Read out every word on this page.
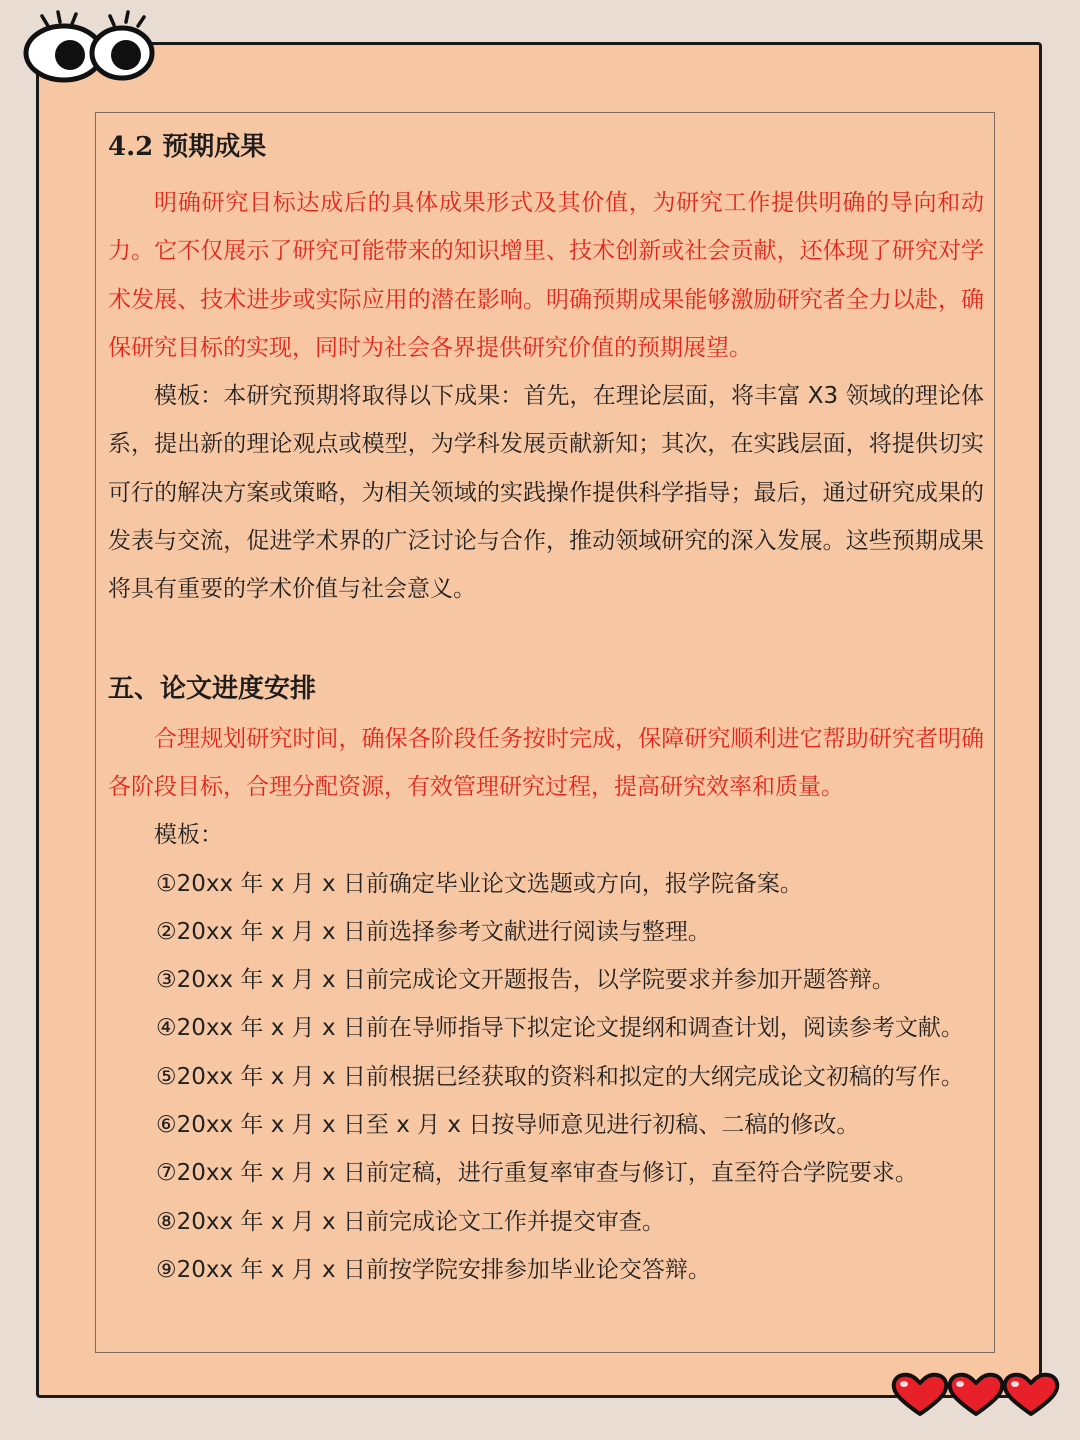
4.2 预期成果

明确研究目标达成后的具体成果形式及其价值，为研究工作提供明确的导向和动力。它不仅展示了研究可能带来的知识增里、技术创新或社会贡献，还体现了研究对学术发展、技术进步或实际应用的潜在影响。明确预期成果能够激励研究者全力以赴，确保研究目标的实现，同时为社会各界提供研究价值的预期展望。

模板：本研究预期将取得以下成果：首先，在理论层面，将丰富 X3 领域的理论体系，提出新的理论观点或模型，为学科发展贡献新知；其次，在实践层面，将提供切实可行的解决方案或策略，为相关领域的实践操作提供科学指导；最后，通过研究成果的发表与交流，促进学术界的广泛讨论与合作，推动领域研究的深入发展。这些预期成果将具有重要的学术价值与社会意义。

五、论文进度安排

合理规划研究时间，确保各阶段任务按时完成，保障研究顺利进它帮助研究者明确各阶段目标，合理分配资源，有效管理研究过程，提高研究效率和质量。

模板：

①20xx 年 x 月 x 日前确定毕业论文选题或方向，报学院备案。
②20xx 年 x 月 x 日前选择参考文献进行阅读与整理。
③20xx 年 x 月 x 日前完成论文开题报告，以学院要求并参加开题答辩。
④20xx 年 x 月 x 日前在导师指导下拟定论文提纲和调查计划，阅读参考文献。
⑤20xx 年 x 月 x 日前根据已经获取的资料和拟定的大纲完成论文初稿的写作。
⑥20xx 年 x 月 x 日至 x 月 x 日按导师意见进行初稿、二稿的修改。
⑦20xx 年 x 月 x 日前定稿，进行重复率审查与修订，直至符合学院要求。
⑧20xx 年 x 月 x 日前完成论文工作并提交审查。
⑨20xx 年 x 月 x 日前按学院安排参加毕业论交答辩。
